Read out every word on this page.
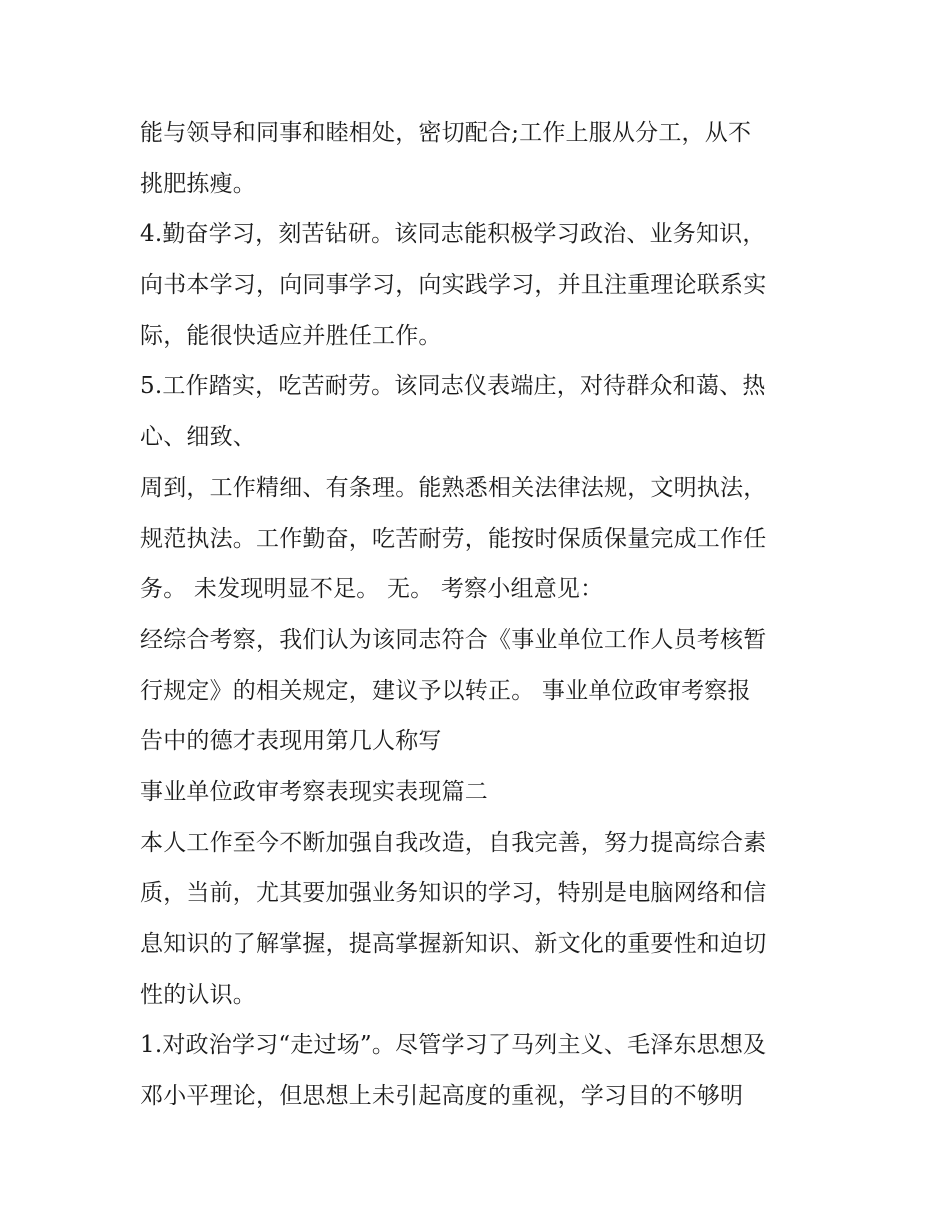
能与领导和同事和睦相处，密切配合;工作上服从分工，从不
挑肥拣瘦。
4.勤奋学习，刻苦钻研。该同志能积极学习政治、业务知识，
向书本学习，向同事学习，向实践学习，并且注重理论联系实
际，能很快适应并胜任工作。
5.工作踏实，吃苦耐劳。该同志仪表端庄，对待群众和蔼、热
心、细致、
周到，工作精细、有条理。能熟悉相关法律法规，文明执法，
规范执法。工作勤奋，吃苦耐劳，能按时保质保量完成工作任
务。 未发现明显不足。 无。 考察小组意见：
经综合考察，我们认为该同志符合《事业单位工作人员考核暂
行规定》的相关规定，建议予以转正。 事业单位政审考察报
告中的德才表现用第几人称写
事业单位政审考察表现实表现篇二
本人工作至今不断加强自我改造，自我完善，努力提高综合素
质，当前，尤其要加强业务知识的学习，特别是电脑网络和信
息知识的了解掌握，提高掌握新知识、新文化的重要性和迫切
性的认识。
1.对政治学习“走过场”。尽管学习了马列主义、毛泽东思想及
邓小平理论，但思想上未引起高度的重视，学习目的不够明
